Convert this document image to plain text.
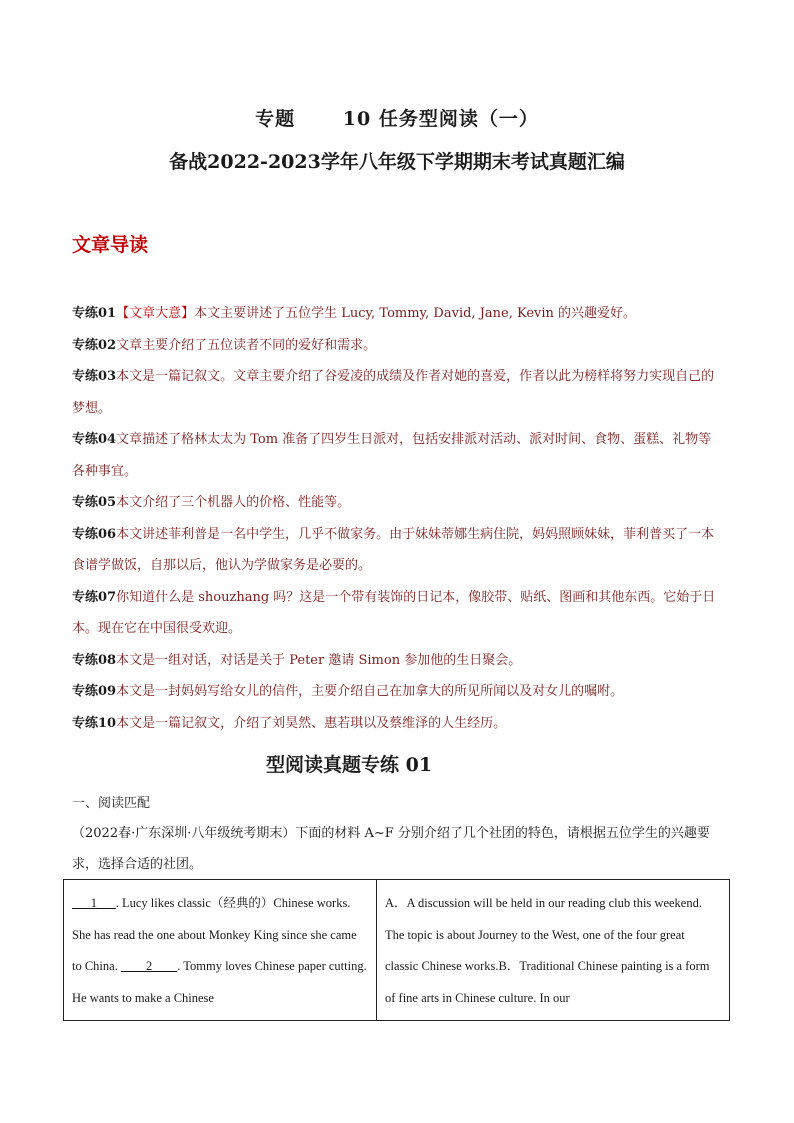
专题	10 任务型阅读（一）
备战2022-2023学年八年级下学期期末考试真题汇编
文章导读
专练01【文章大意】本文主要讲述了五位学生 Lucy, Tommy, David, Jane, Kevin 的兴趣爱好。
专练02文章主要介绍了五位读者不同的爱好和需求。
专练03本文是一篇记叙文。文章主要介绍了谷爱凌的成绩及作者对她的喜爱，作者以此为榜样将努力实现自己的梦想。
专练04文章描述了格林太太为 Tom 准备了四岁生日派对，包括安排派对活动、派对时间、食物、蛋糕、礼物等各种事宜。
专练05本文介绍了三个机器人的价格、性能等。
专练06本文讲述菲利普是一名中学生，几乎不做家务。由于妹妹蒂娜生病住院，妈妈照顾妹妹，菲利普买了一本食谱学做饭，自那以后，他认为学做家务是必要的。
专练07你知道什么是 shouzhang 吗？这是一个带有装饰的日记本，像胶带、贴纸、图画和其他东西。它始于日本。现在它在中国很受欢迎。
专练08本文是一组对话，对话是关于 Peter 邀请 Simon 参加他的生日聚会。
专练09本文是一封妈妈写给女儿的信件，主要介绍自己在加拿大的所见所闻以及对女儿的嘱咐。
专练10本文是一篇记叙文，介绍了刘昊然、惠若琪以及蔡维泽的人生经历。
型阅读真题专练 01
一、阅读匹配
（2022春·广东深圳·八年级统考期末）下面的材料 A~F 分别介绍了几个社团的特色，请根据五位学生的兴趣要求，选择合适的社团。
___1___. Lucy likes classic（经典的）Chinese works. She has read the one about Monkey King since she came to China. ____2____. Tommy loves Chinese paper cutting. He wants to make a Chinese	A．A discussion will be held in our reading club this weekend. The topic is about Journey to the West, one of the four great classic Chinese works.B．Traditional Chinese painting is a form of fine arts in Chinese culture. In our
